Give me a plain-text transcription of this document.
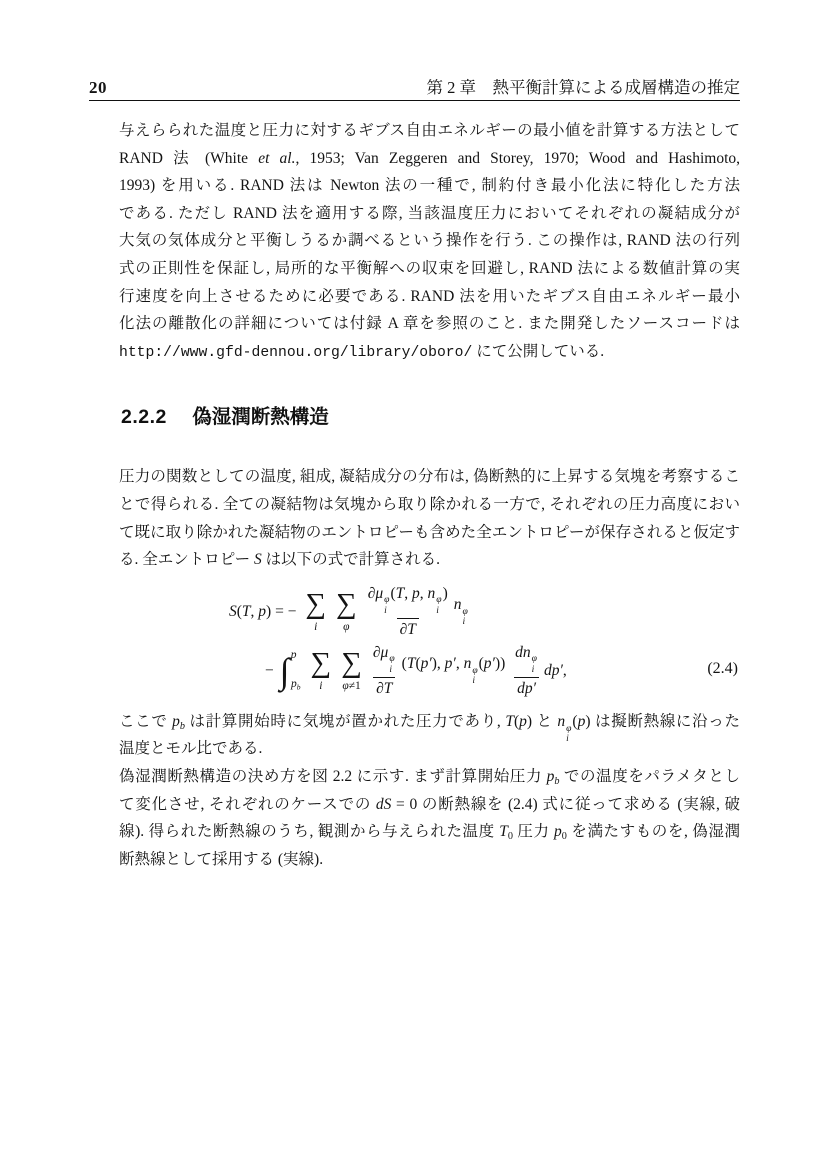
20	第 2 章　熱平衡計算による成層構造の推定
与えらられた温度と圧力に対するギブス自由エネルギーの最小値を計算する方法として
RAND 法 (White et al., 1953; Van Zeggeren and Storey, 1970; Wood and Hashimoto,
1993) を用いる. RAND 法は Newton 法の一種で, 制約付き最小化法に特化した方法
である. ただし RAND 法を適用する際, 当該温度圧力においてそれぞれの凝結成分が
大気の気体成分と平衡しうるか調べるという操作を行う. この操作は, RAND 法の行列
式の正則性を保証し, 局所的な平衡解への収束を回避し, RAND 法による数値計算の実
行速度を向上させるために必要である. RAND 法を用いたギブス自由エネルギー最小
化法の離散化の詳細については付録 A 章を参照のこと. また開発したソースコードは
http://www.gfd-dennou.org/library/oboro/ にて公開している.
2.2.2 偽湿潤断熱構造
圧力の関数としての温度, 組成, 凝結成分の分布は, 偽断熱的に上昇する気塊を考察するこ
とで得られる. 全ての凝結物は気塊から取り除かれる一方で, それぞれの圧力高度におい
て既に取り除かれた凝結物のエントロピーも含めた全エントロピーが保存されると仮定す
る. 全エントロピー S は以下の式で計算される.
S(T, p) = − ∑
i
∑
φ ∂μ φ
i
(T, p, n φ
i
)
∂T n φ
i
− ∫ p
pb
∑
i
∑
φ≠1 ∂μ φ
i
∂T (T(p′), p′, n φ
i
(p′)) dn φ
i
dp′ dp′,	(2.4)
ここで pb は計算開始時に気塊が置かれた圧力であり, T(p) と n φ
i
(p) は擬断熱線に沿った
温度とモル比である.
偽湿潤断熱構造の決め方を図 2.2 に示す. まず計算開始圧力 pb での温度をパラメタとし
て変化させ, それぞれのケースでの dS = 0 の断熱線を (2.4) 式に従って求める (実線, 破
線). 得られた断熱線のうち, 観測から与えられた温度 T0 圧力 p0 を満たすものを, 偽湿潤
断熱線として採用する (実線).
